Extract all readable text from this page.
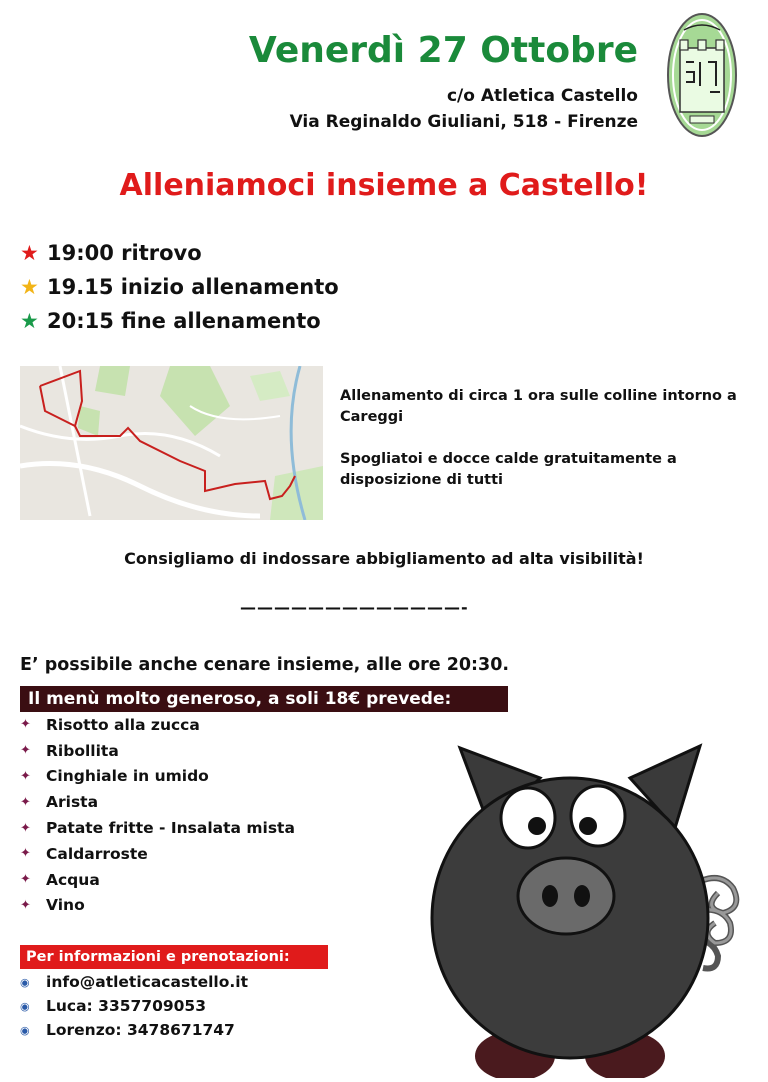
Venerdì 27 Ottobre
c/o Atletica Castello
Via Reginaldo Giuliani, 518 - Firenze
Alleniamoci insieme a Castello!
★ 19:00 ritrovo
★ 19.15 inizio allenamento
★ 20:15 fine allenamento

Allenamento di circa 1 ora sulle colline intorno a Careggi

Spogliatoi e docce calde gratuitamente a disposizione di tutti

Consigliamo di indossare abbigliamento ad alta visibilità!
—————————————-
E’ possibile anche cenare insieme, alle ore 20:30.
Il menù molto generoso, a soli 18€ prevede:
✦ Risotto alla zucca
✦ Ribollita
✦ Cinghiale in umido
✦ Arista
✦ Patate fritte - Insalata mista
✦ Caldarroste
✦ Acqua
✦ Vino
Per informazioni e prenotazioni:
◉	info@atleticacastello.it
◉	Luca: 3357709053
◉	Lorenzo: 3478671747
